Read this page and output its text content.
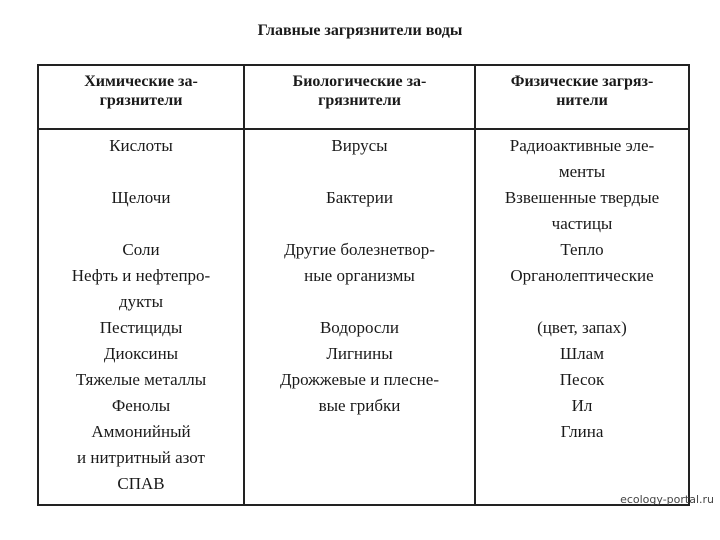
Главные загрязнители воды
Химические за-
грязнители
Биологические за-
грязнители
Физические загряз-
нители
Кислоты

Щелочи

Соли
Нефть и нефтепро-
дукты
Пестициды
Диоксины
Тяжелые металлы
Фенолы
Аммонийный
и нитритный азот
СПАВ
Вирусы

Бактерии

Другие болезнетвор-
ные организмы

Водоросли
Лигнины
Дрожжевые и плесне-
вые грибки
Радиоактивные эле-
менты
Взвешенные твердые
частицы
Тепло
Органолептические

(цвет, запах)
Шлам
Песок
Ил
Глина
ecology-portal.ru
